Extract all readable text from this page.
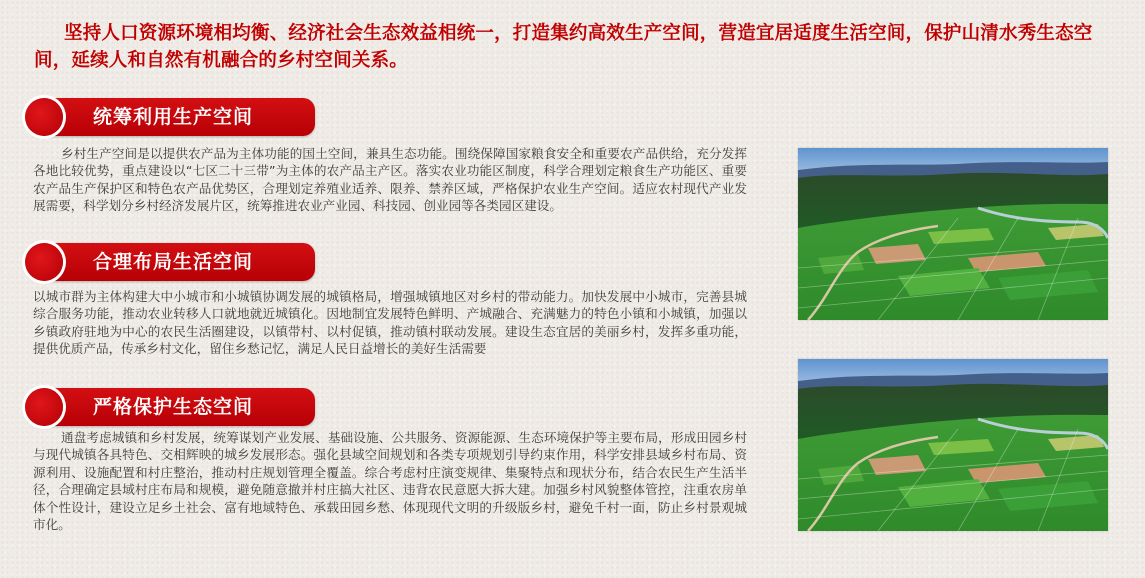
坚持人口资源环境相均衡、经济社会生态效益相统一，打造集约高效生产空间，营造宜居适度生活空间，保护山清水秀生态空间，延续人和自然有机融合的乡村空间关系。

统筹利用生产空间

乡村生产空间是以提供农产品为主体功能的国土空间，兼具生态功能。围绕保障国家粮食安全和重要农产品供给，充分发挥各地比较优势，重点建设以“七区二十三带”为主体的农产品主产区。落实农业功能区制度，科学合理划定粮食生产功能区、重要农产品生产保护区和特色农产品优势区，合理划定养殖业适养、限养、禁养区域，严格保护农业生产空间。适应农村现代产业发展需要，科学划分乡村经济发展片区，统筹推进农业产业园、科技园、创业园等各类园区建设。

合理布局生活空间

以城市群为主体构建大中小城市和小城镇协调发展的城镇格局，增强城镇地区对乡村的带动能力。加快发展中小城市，完善县城综合服务功能，推动农业转移人口就地就近城镇化。因地制宜发展特色鲜明、产城融合、充满魅力的特色小镇和小城镇，加强以乡镇政府驻地为中心的农民生活圈建设，以镇带村、以村促镇，推动镇村联动发展。建设生态宜居的美丽乡村，发挥多重功能，提供优质产品，传承乡村文化，留住乡愁记忆，满足人民日益增长的美好生活需要

严格保护生态空间

通盘考虑城镇和乡村发展，统筹谋划产业发展、基础设施、公共服务、资源能源、生态环境保护等主要布局，形成田园乡村与现代城镇各具特色、交相辉映的城乡发展形态。强化县域空间规划和各类专项规划引导约束作用，科学安排县域乡村布局、资源利用、设施配置和村庄整治，推动村庄规划管理全覆盖。综合考虑村庄演变规律、集聚特点和现状分布，结合农民生产生活半径，合理确定县域村庄布局和规模，避免随意撤并村庄搞大社区、违背农民意愿大拆大建。加强乡村风貌整体管控，注重农房单体个性设计，建设立足乡土社会、富有地域特色、承载田园乡愁、体现现代文明的升级版乡村，避免千村一面，防止乡村景观城市化。
